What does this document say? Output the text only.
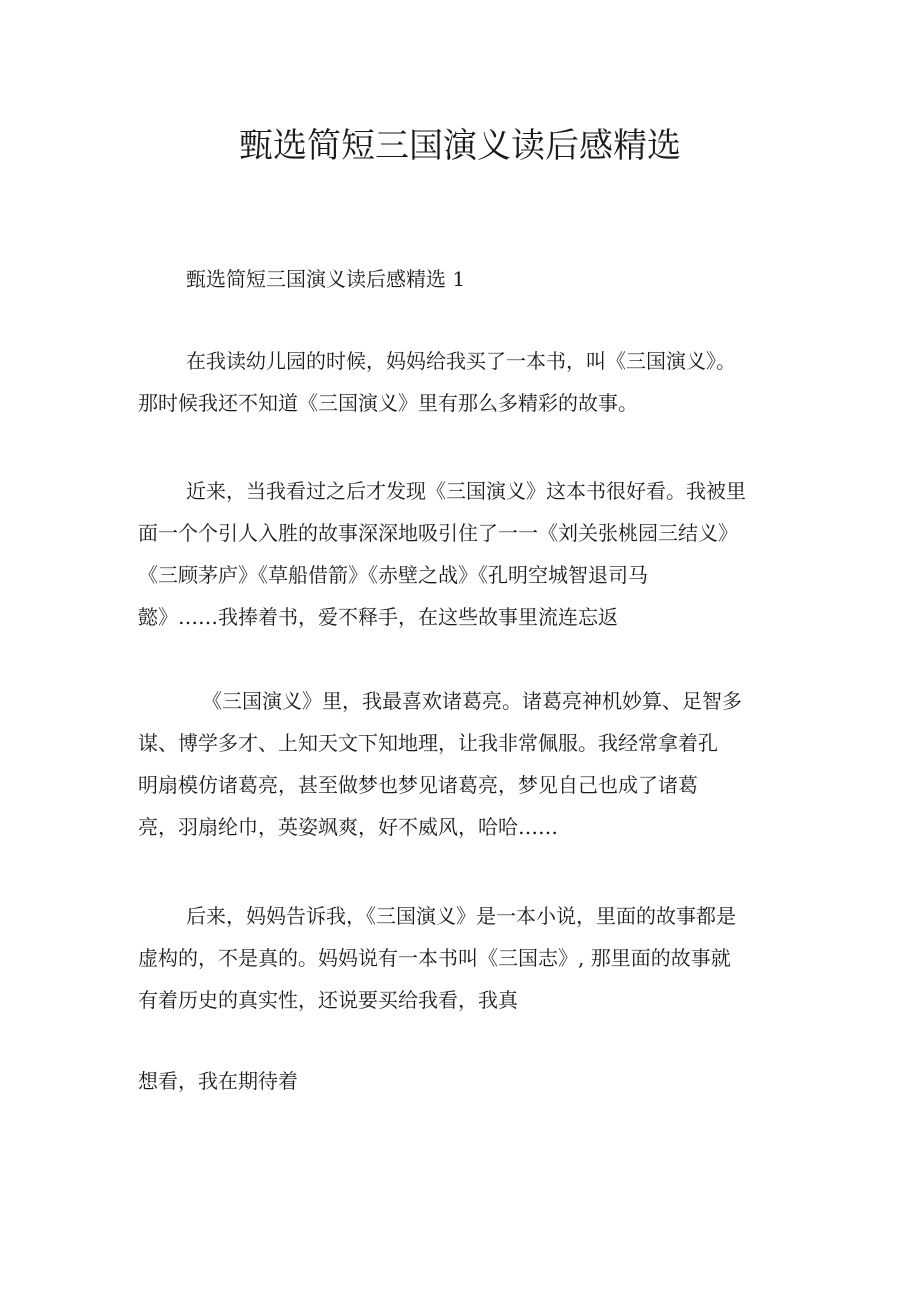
甄选简短三国演义读后感精选

甄选简短三国演义读后感精选 1

在我读幼儿园的时候，妈妈给我买了一本书，叫《三国演义》。
那时候我还不知道《三国演义》里有那么多精彩的故事。
近来，当我看过之后才发现《三国演义》这本书很好看。我被里
面一个个引人入胜的故事深深地吸引住了一一《刘关张桃园三结义》
《三顾茅庐》《草船借箭》《赤壁之战》《孔明空城智退司马
懿》……我捧着书，爱不释手，在这些故事里流连忘返
《三国演义》里，我最喜欢诸葛亮。诸葛亮神机妙算、足智多
谋、博学多才、上知天文下知地理，让我非常佩服。我经常拿着孔
明扇模仿诸葛亮，甚至做梦也梦见诸葛亮，梦见自己也成了诸葛
亮，羽扇纶巾，英姿飒爽，好不威风，哈哈……
后来，妈妈告诉我，《三国演义》是一本小说，里面的故事都是
虚构的，不是真的。妈妈说有一本书叫《三国志》, 那里面的故事就
有着历史的真实性，还说要买给我看，我真
想看，我在期待着
